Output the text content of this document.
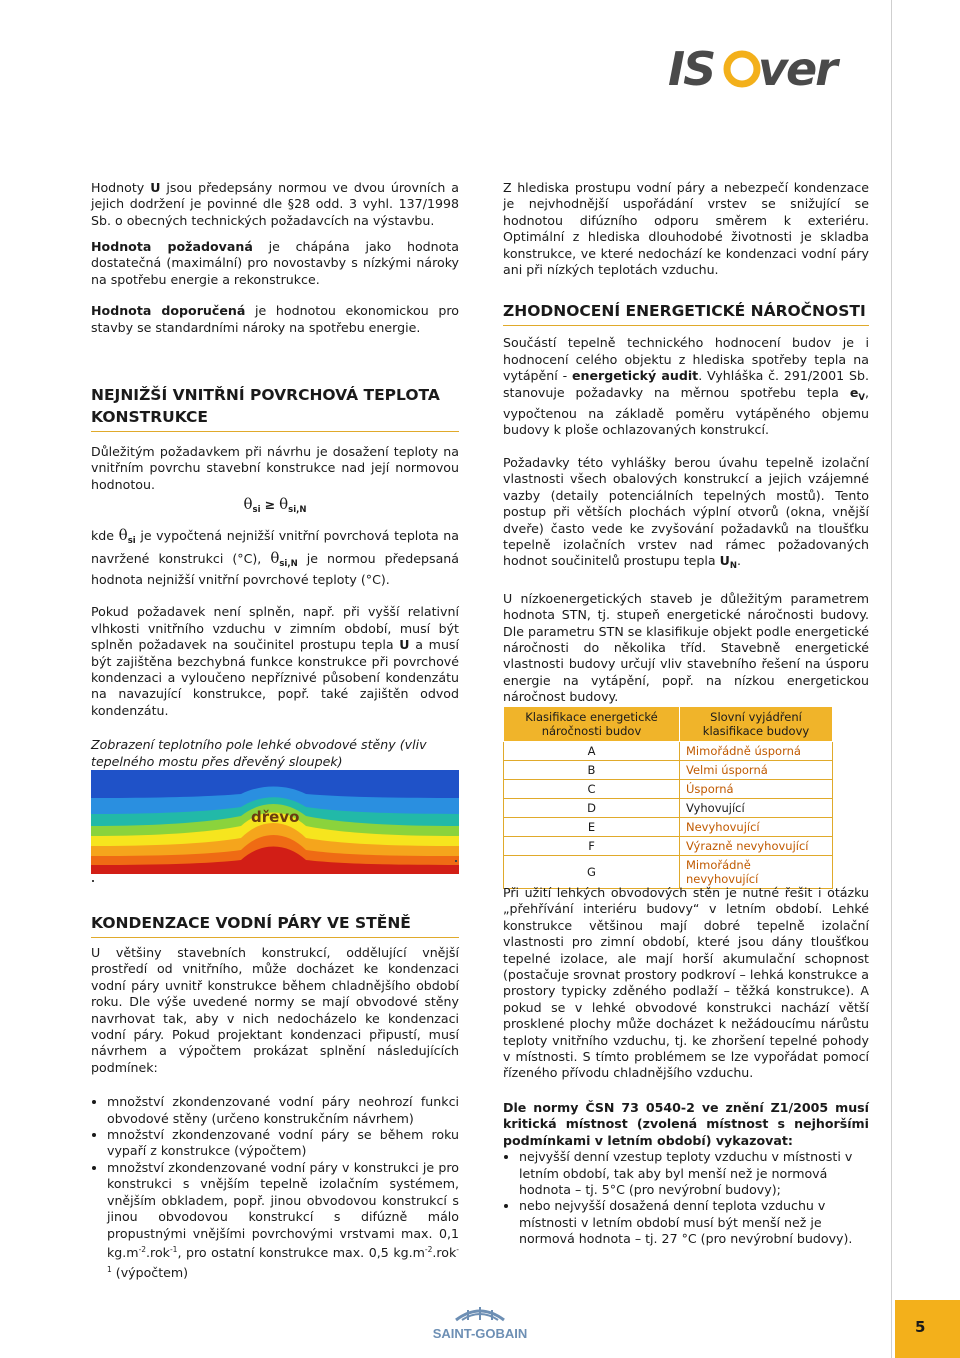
IS ver

Hodnoty U jsou předepsány normou ve dvou úrovních a jejich dodržení je povinné dle §28 odd. 3 vyhl. 137/1998 Sb. o obecných technických požadavcích na výstavbu.

Hodnota požadovaná je chápána jako hodnota dostatečná (maximální) pro novostavby s nízkými nároky na spotřebu energie a rekonstrukce.

Hodnota doporučená je hodnotou ekonomickou pro stavby se standardními nároky na spotřebu energie.

NEJNIŽŠÍ VNITŘNÍ POVRCHOVÁ TEPLOTA KONSTRUKCE

Důležitým požadavkem při návrhu je dosažení teploty na vnitřním povrchu stavební konstrukce nad její normovou hodnotou.

$\theta_{si} \ge \theta_{si,N}$

kde $\theta_{si}$ je vypočtená nejnižší vnitřní povrchová teplota na navržené konstrukci (°C), $\theta_{si,N}$ je normou předepsaná hodnota nejnižší vnitřní povrchové teploty (°C).

Pokud požadavek není splněn, např. při vyšší relativní vlhkosti vnitřního vzduchu v zimním období, musí být splněn požadavek na součinitel prostupu tepla U a musí být zajištěna bezchybná funkce konstrukce při povrchové kondenzaci a vyloučeno nepříznivé působení kondenzátu na navazující konstrukce, popř. také zajištěn odvod kondenzátu.

Zobrazení teplotního pole lehké obvodové stěny (vliv tepelného mostu přes dřevěný sloupek)

dřevo
KONDENZACE VODNÍ PÁRY VE STĚNĚ

U většiny stavebních konstrukcí, oddělující vnější prostředí od vnitřního, může docházet ke kondenzaci vodní páry uvnitř konstrukce během chladnějšího období roku. Dle výše uvedené normy se mají obvodové stěny navrhovat tak, aby v nich nedocházelo ke kondenzaci vodní páry. Pokud projektant kondenzaci připustí, musí návrhem a výpočtem prokázat splnění následujících podmínek:

• množství zkondenzované vodní páry neohrozí funkci obvodové stěny (určeno konstrukčním návrhem)
• množství zkondenzované vodní páry se během roku vypaří z konstrukce (výpočtem)
• množství zkondenzované vodní páry v konstrukci je pro konstrukci s vnějším tepelně izolačním systémem, vnějším obkladem, popř. jinou obvodovou konstrukcí s jinou obvodovou konstrukcí s difúzně málo propustnými vnějšími povrchovými vrstvami max. 0,1 $kg.m^{-2}.rok^{-1}$, pro ostatní konstrukce max. 0,5 $kg.m^{-2}.rok^{-1}$ (výpočtem)

Z hlediska prostupu vodní páry a nebezpečí kondenzace je nejvhodnější uspořádání vrstev se snižující se hodnotou difúzního odporu směrem k exteriéru. Optimální z hlediska dlouhodobé životnosti je skladba konstrukce, ve které nedochází ke kondenzaci vodní páry ani při nízkých teplotách vzduchu.

ZHODNOCENÍ ENERGETICKÉ NÁROČNOSTI

Součástí tepelně technického hodnocení budov je i hodnocení celého objektu z hlediska spotřeby tepla na vytápění - energetický audit. Vyhláška č. 291/2001 Sb. stanovuje požadavky na měrnou spotřebu tepla $e_V$, vypočtenou na základě poměru vytápěného objemu budovy k ploše ochlazovaných konstrukcí.

Požadavky této vyhlášky berou úvahu tepelně izolační vlastnosti všech obalových konstrukcí a jejich vzájemné vazby (detaily potenciálních tepelných mostů). Tento postup při větších plochách výplní otvorů (okna, vnější dveře) často vede ke zvyšování požadavků na tloušťku tepelně izolačních vrstev nad rámec požadovaných hodnot součinitelů prostupu tepla $U_N$.

U nízkoenergetických staveb je důležitým parametrem hodnota STN, tj. stupeň energetické náročnosti budovy. Dle parametru STN se klasifikuje objekt podle energetické náročnosti do několika tříd. Stavebně energetické vlastnosti budovy určují vliv stavebního řešení na úsporu energie na vytápění, popř. na nízkou energetickou náročnost budovy.

Klasifikace energetické náročnosti budov	Slovní vyjádření klasifikace budovy
A	Mimořádně úsporná
B	Velmi úsporná
C	Úsporná
D	Vyhovující
E	Nevyhovující
F	Výrazně nevyhovující
G	Mimořádně nevyhovující

Při užití lehkých obvodových stěn je nutné řešit i otázku „přehřívání interiéru budovy“ v letním období. Lehké konstrukce většinou mají dobré tepelně izolační vlastnosti pro zimní období, které jsou dány tloušťkou tepelné izolace, ale mají horší akumulační schopnost (postačuje srovnat prostory podkroví – lehká konstrukce a prostory typicky zděného podlaží – těžká konstrukce). A pokud se v lehké obvodové konstrukci nachází větší prosklené plochy může docházet k nežádoucímu nárůstu teploty vnitřního vzduchu, tj. ke zhoršení tepelné pohody v místnosti. S tímto problémem se lze vypořádat pomocí řízeného přívodu chladnějšího vzduchu.

Dle normy ČSN 73 0540-2 ve znění Z1/2005 musí kritická místnost (zvolená místnost s nejhoršími podmínkami v letním období) vykazovat:

• nejvyšší denní vzestup teploty vzduchu v místnosti v letním období, tak aby byl menší než je normová hodnota – tj. 5°C (pro nevýrobní budovy);
• nebo nejvyšší dosažená denní teplota vzduchu v místnosti v letním období musí být menší než je normová hodnota – tj. 27 °C (pro nevýrobní budovy).
SAINT-GOBAIN	5
